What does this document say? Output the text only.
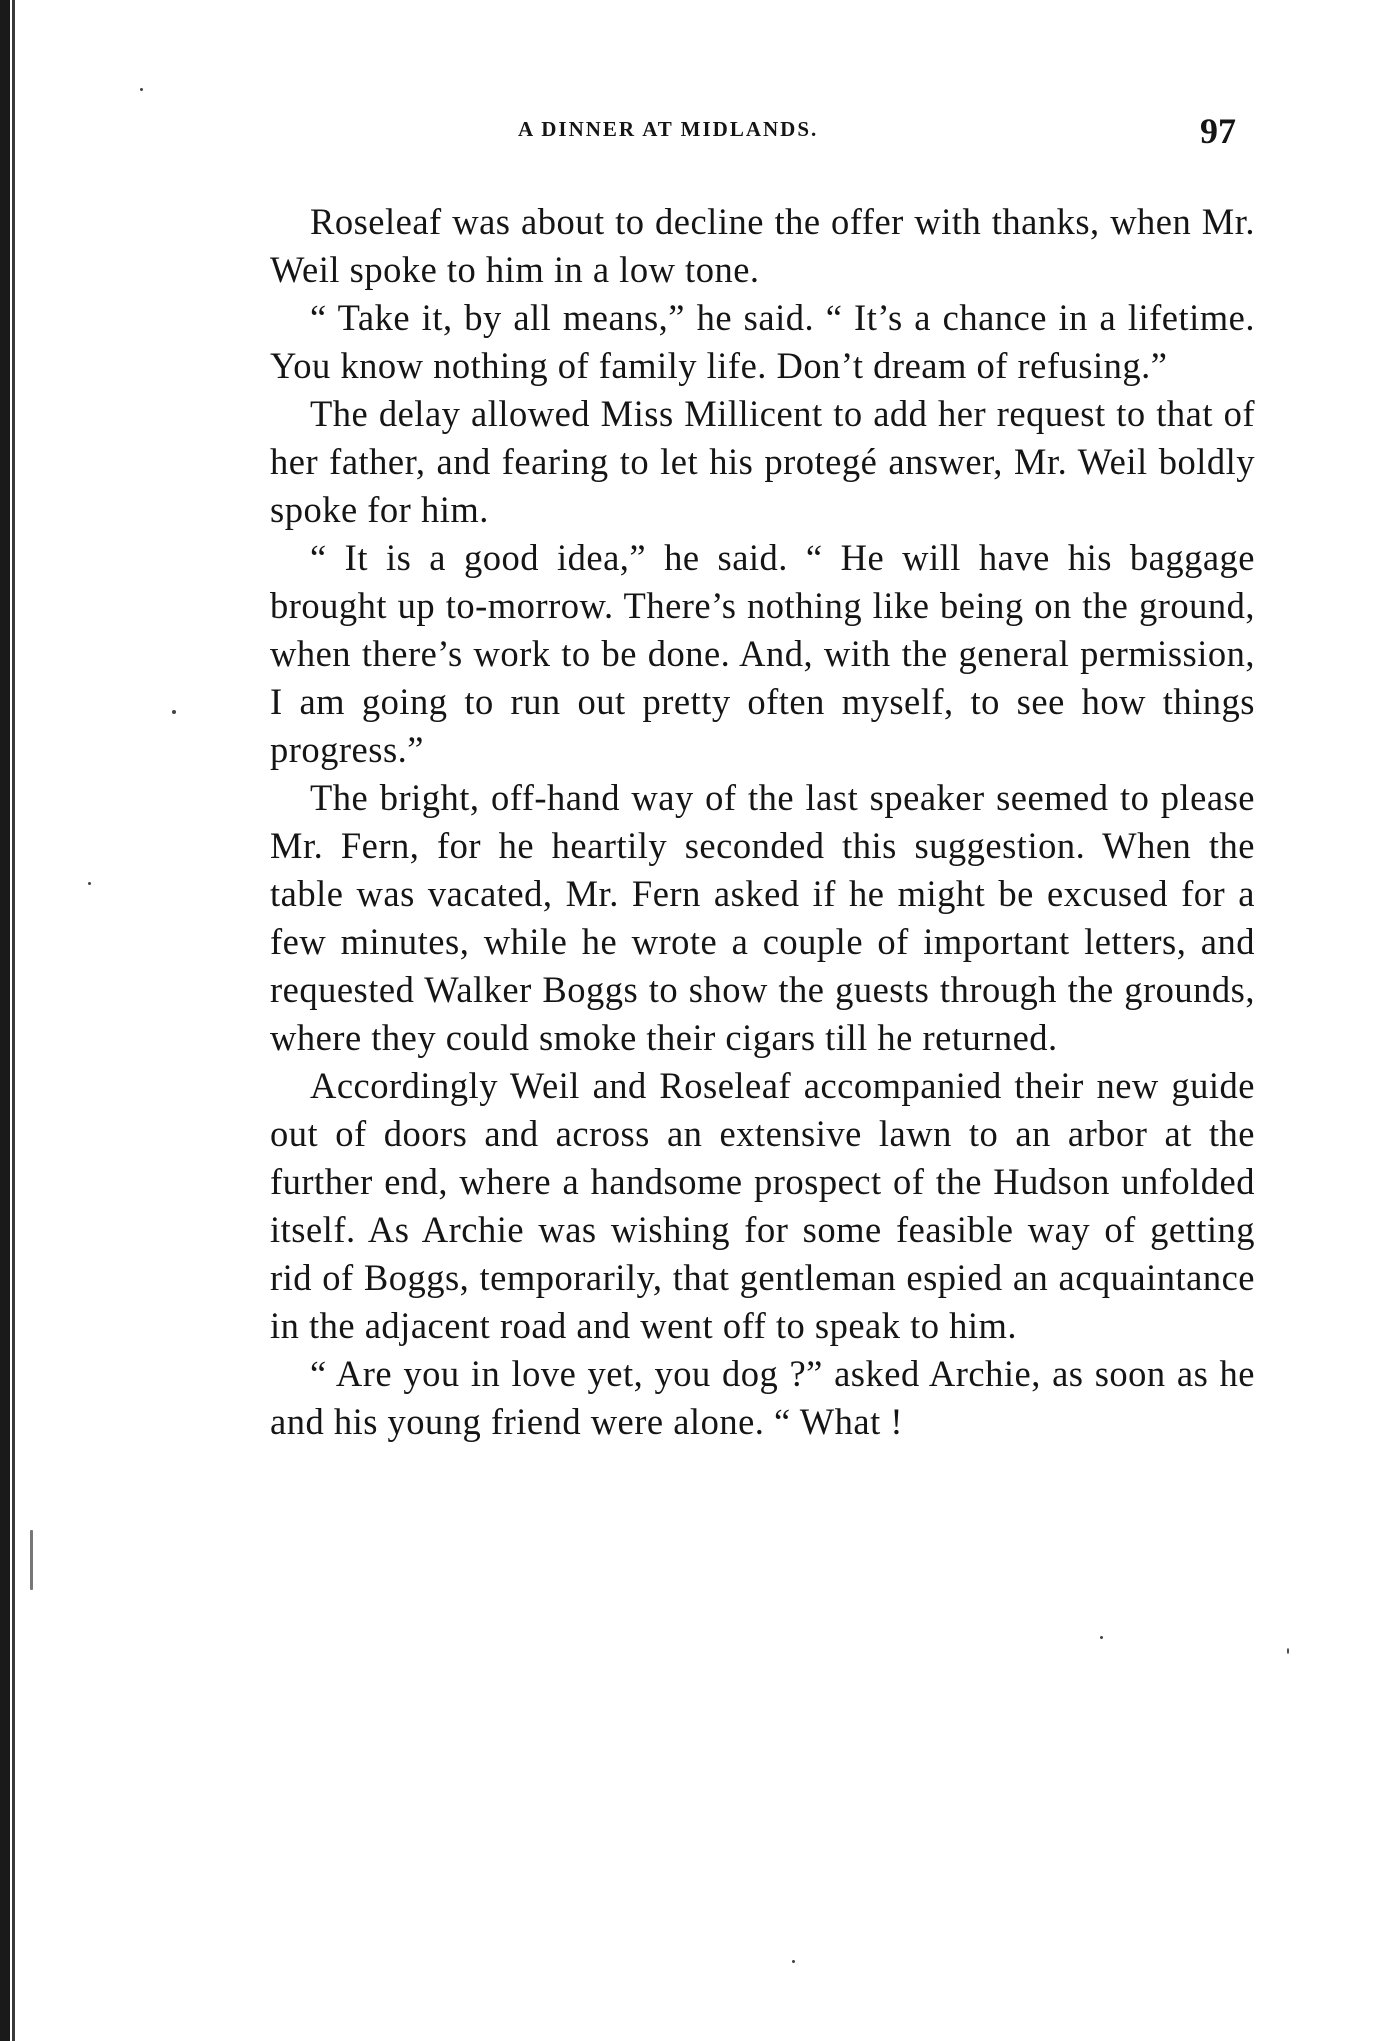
A DINNER AT MIDLANDS.	97

Roseleaf was about to decline the offer with thanks, when Mr. Weil spoke to him in a low tone.

“ Take it, by all means,” he said. “ It’s a chance in a lifetime. You know nothing of family life. Don’t dream of refusing.”

The delay allowed Miss Millicent to add her request to that of her father, and fearing to let his protegé answer, Mr. Weil boldly spoke for him.

“ It is a good idea,” he said. “ He will have his baggage brought up to-morrow. There’s nothing like being on the ground, when there’s work to be done. And, with the general permission, I am going to run out pretty often myself, to see how things progress.”

The bright, off-hand way of the last speaker seemed to please Mr. Fern, for he heartily seconded this suggestion. When the table was vacated, Mr. Fern asked if he might be excused for a few minutes, while he wrote a couple of important letters, and requested Walker Boggs to show the guests through the grounds, where they could smoke their cigars till he returned.

Accordingly Weil and Roseleaf accompanied their new guide out of doors and across an extensive lawn to an arbor at the further end, where a handsome prospect of the Hudson unfolded itself. As Archie was wishing for some feasible way of getting rid of Boggs, temporarily, that gentleman espied an acquaintance in the adjacent road and went off to speak to him.

“ Are you in love yet, you dog ?” asked Archie, as soon as he and his young friend were alone. “ What !
